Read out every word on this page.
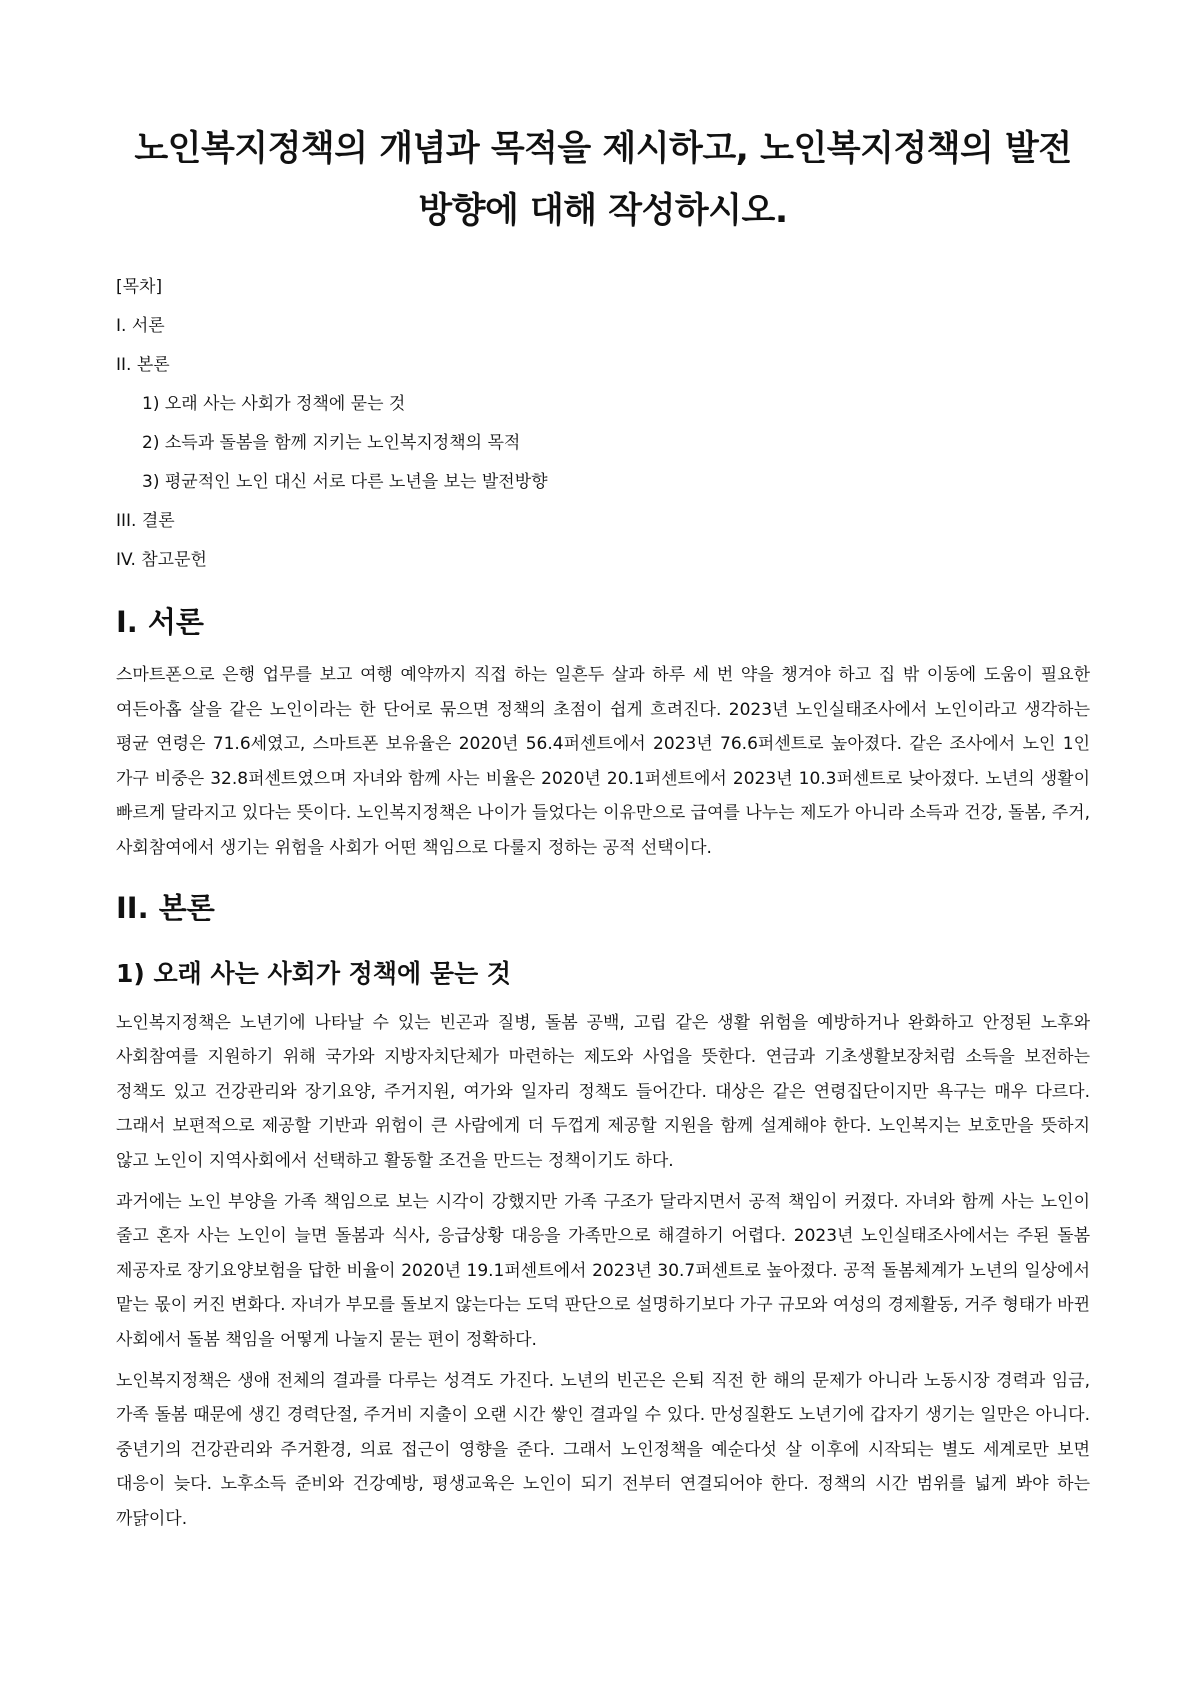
노인복지정책의 개념과 목적을 제시하고, 노인복지정책의 발전 방향에 대해 작성하시오.
[목차]
I. 서론
II. 본론
1) 오래 사는 사회가 정책에 묻는 것
2) 소득과 돌봄을 함께 지키는 노인복지정책의 목적
3) 평균적인 노인 대신 서로 다른 노년을 보는 발전방향
III. 결론
IV. 참고문헌
I. 서론

스마트폰으로 은행 업무를 보고 여행 예약까지 직접 하는 일흔두 살과 하루 세 번 약을 챙겨야 하고 집 밖 이동에 도움이 필요한 여든아홉 살을 같은 노인이라는 한 단어로 묶으면 정책의 초점이 쉽게 흐려진다. 2023년 노인실태조사에서 노인이라고 생각하는 평균 연령은 71.6세였고, 스마트폰 보유율은 2020년 56.4퍼센트에서 2023년 76.6퍼센트로 높아졌다. 같은 조사에서 노인 1인 가구 비중은 32.8퍼센트였으며 자녀와 함께 사는 비율은 2020년 20.1퍼센트에서 2023년 10.3퍼센트로 낮아졌다. 노년의 생활이 빠르게 달라지고 있다는 뜻이다. 노인복지정책은 나이가 들었다는 이유만으로 급여를 나누는 제도가 아니라 소득과 건강, 돌봄, 주거, 사회참여에서 생기는 위험을 사회가 어떤 책임으로 다룰지 정하는 공적 선택이다.

II. 본론
1) 오래 사는 사회가 정책에 묻는 것

노인복지정책은 노년기에 나타날 수 있는 빈곤과 질병, 돌봄 공백, 고립 같은 생활 위험을 예방하거나 완화하고 안정된 노후와 사회참여를 지원하기 위해 국가와 지방자치단체가 마련하는 제도와 사업을 뜻한다. 연금과 기초생활보장처럼 소득을 보전하는 정책도 있고 건강관리와 장기요양, 주거지원, 여가와 일자리 정책도 들어간다. 대상은 같은 연령집단이지만 욕구는 매우 다르다. 그래서 보편적으로 제공할 기반과 위험이 큰 사람에게 더 두껍게 제공할 지원을 함께 설계해야 한다. 노인복지는 보호만을 뜻하지 않고 노인이 지역사회에서 선택하고 활동할 조건을 만드는 정책이기도 하다.

과거에는 노인 부양을 가족 책임으로 보는 시각이 강했지만 가족 구조가 달라지면서 공적 책임이 커졌다. 자녀와 함께 사는 노인이 줄고 혼자 사는 노인이 늘면 돌봄과 식사, 응급상황 대응을 가족만으로 해결하기 어렵다. 2023년 노인실태조사에서는 주된 돌봄 제공자로 장기요양보험을 답한 비율이 2020년 19.1퍼센트에서 2023년 30.7퍼센트로 높아졌다. 공적 돌봄체계가 노년의 일상에서 맡는 몫이 커진 변화다. 자녀가 부모를 돌보지 않는다는 도덕 판단으로 설명하기보다 가구 규모와 여성의 경제활동, 거주 형태가 바뀐 사회에서 돌봄 책임을 어떻게 나눌지 묻는 편이 정확하다.

노인복지정책은 생애 전체의 결과를 다루는 성격도 가진다. 노년의 빈곤은 은퇴 직전 한 해의 문제가 아니라 노동시장 경력과 임금, 가족 돌봄 때문에 생긴 경력단절, 주거비 지출이 오랜 시간 쌓인 결과일 수 있다. 만성질환도 노년기에 갑자기 생기는 일만은 아니다. 중년기의 건강관리와 주거환경, 의료 접근이 영향을 준다. 그래서 노인정책을 예순다섯 살 이후에 시작되는 별도 세계로만 보면 대응이 늦다. 노후소득 준비와 건강예방, 평생교육은 노인이 되기 전부터 연결되어야 한다. 정책의 시간 범위를 넓게 봐야 하는 까닭이다.
